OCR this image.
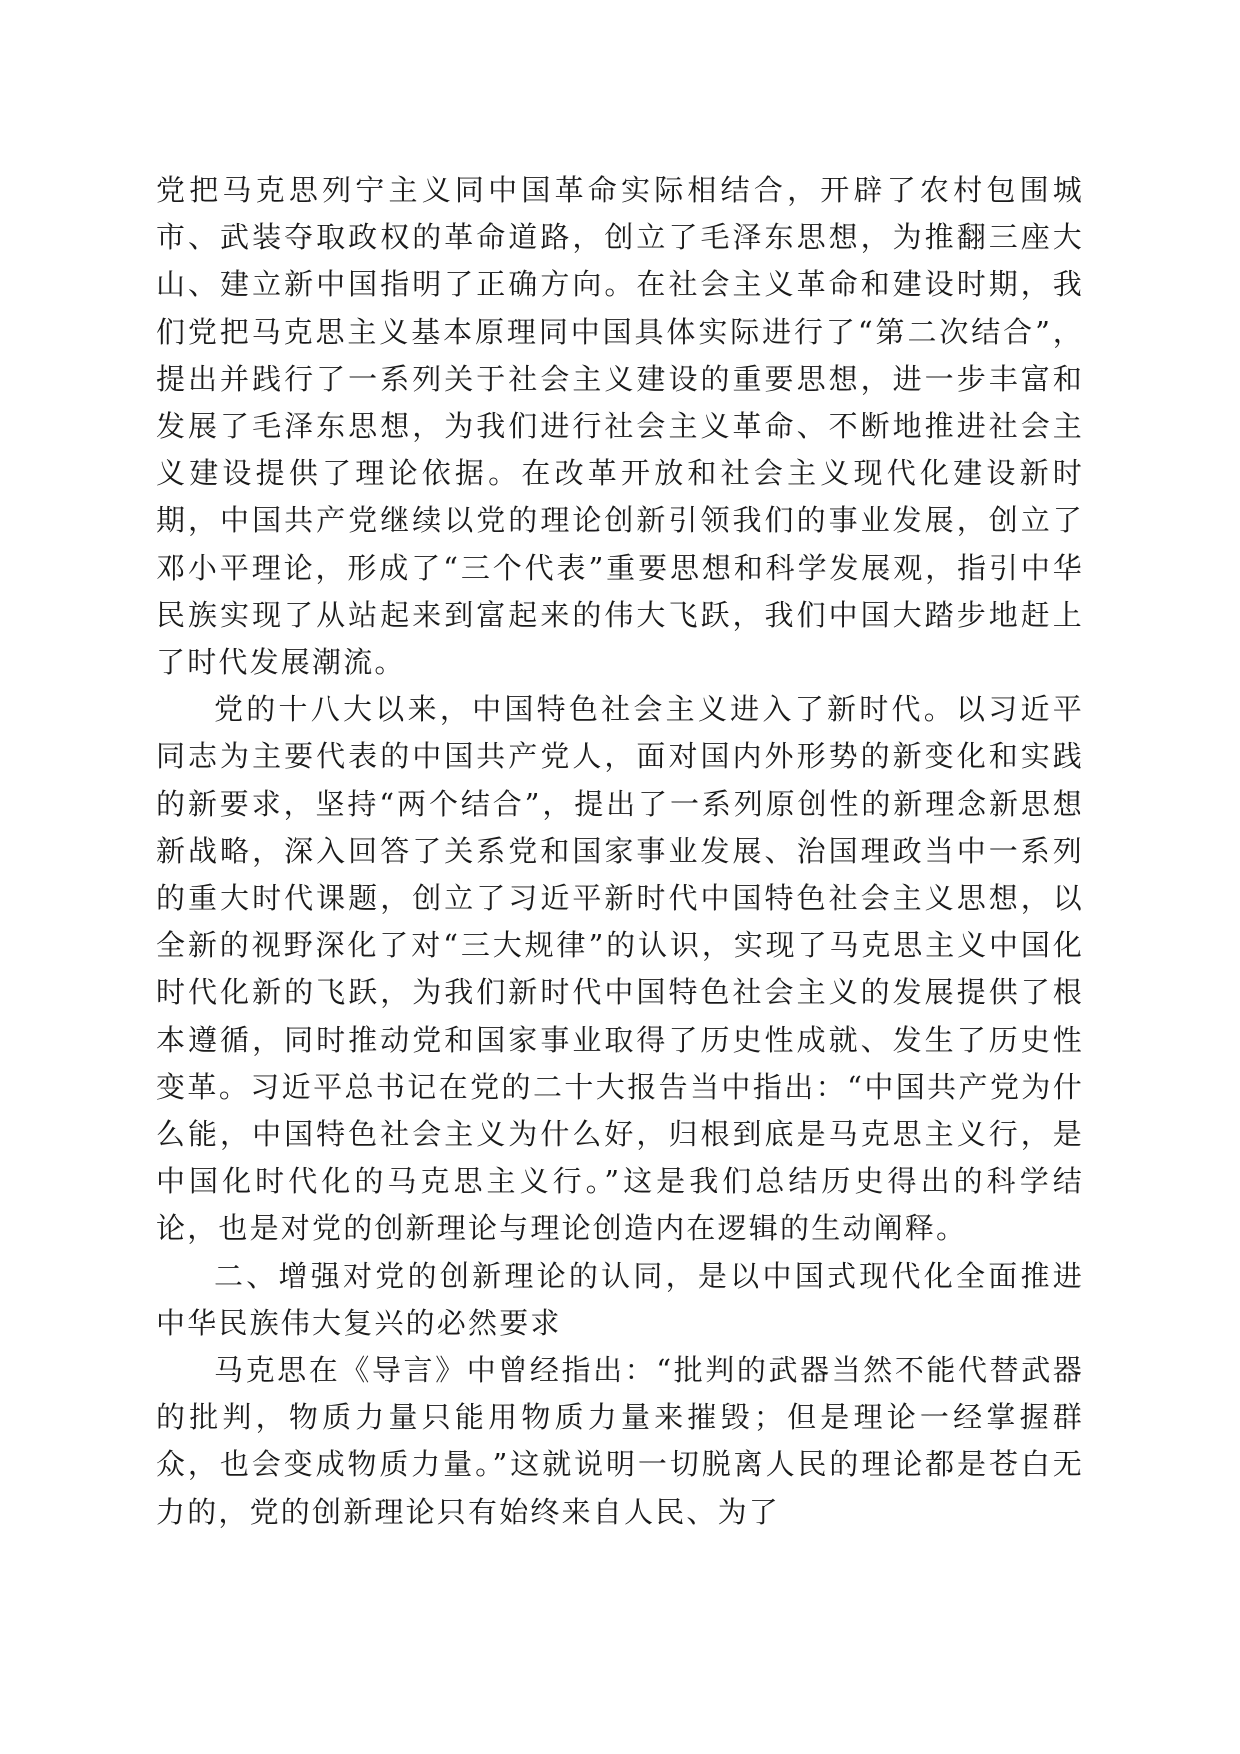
党把马克思列宁主义同中国革命实际相结合，开辟了农村包围城市、武装夺取政权的革命道路，创立了毛泽东思想，为推翻三座大山、建立新中国指明了正确方向。在社会主义革命和建设时期，我们党把马克思主义基本原理同中国具体实际进行了“第二次结合”，提出并践行了一系列关于社会主义建设的重要思想，进一步丰富和发展了毛泽东思想，为我们进行社会主义革命、不断地推进社会主义建设提供了理论依据。在改革开放和社会主义现代化建设新时期，中国共产党继续以党的理论创新引领我们的事业发展，创立了邓小平理论，形成了“三个代表”重要思想和科学发展观，指引中华民族实现了从站起来到富起来的伟大飞跃，我们中国大踏步地赶上了时代发展潮流。

党的十八大以来，中国特色社会主义进入了新时代。以习近平同志为主要代表的中国共产党人，面对国内外形势的新变化和实践的新要求，坚持“两个结合”，提出了一系列原创性的新理念新思想新战略，深入回答了关系党和国家事业发展、治国理政当中一系列的重大时代课题，创立了习近平新时代中国特色社会主义思想，以全新的视野深化了对“三大规律”的认识，实现了马克思主义中国化时代化新的飞跃，为我们新时代中国特色社会主义的发展提供了根本遵循，同时推动党和国家事业取得了历史性成就、发生了历史性变革。习近平总书记在党的二十大报告当中指出：“中国共产党为什么能，中国特色社会主义为什么好，归根到底是马克思主义行，是中国化时代化的马克思主义行。”这是我们总结历史得出的科学结论，也是对党的创新理论与理论创造内在逻辑的生动阐释。

二、增强对党的创新理论的认同，是以中国式现代化全面推进中华民族伟大复兴的必然要求

马克思在《导言》中曾经指出：“批判的武器当然不能代替武器的批判，物质力量只能用物质力量来摧毁；但是理论一经掌握群众，也会变成物质力量。”这就说明一切脱离人民的理论都是苍白无力的，党的创新理论只有始终来自人民、为了
